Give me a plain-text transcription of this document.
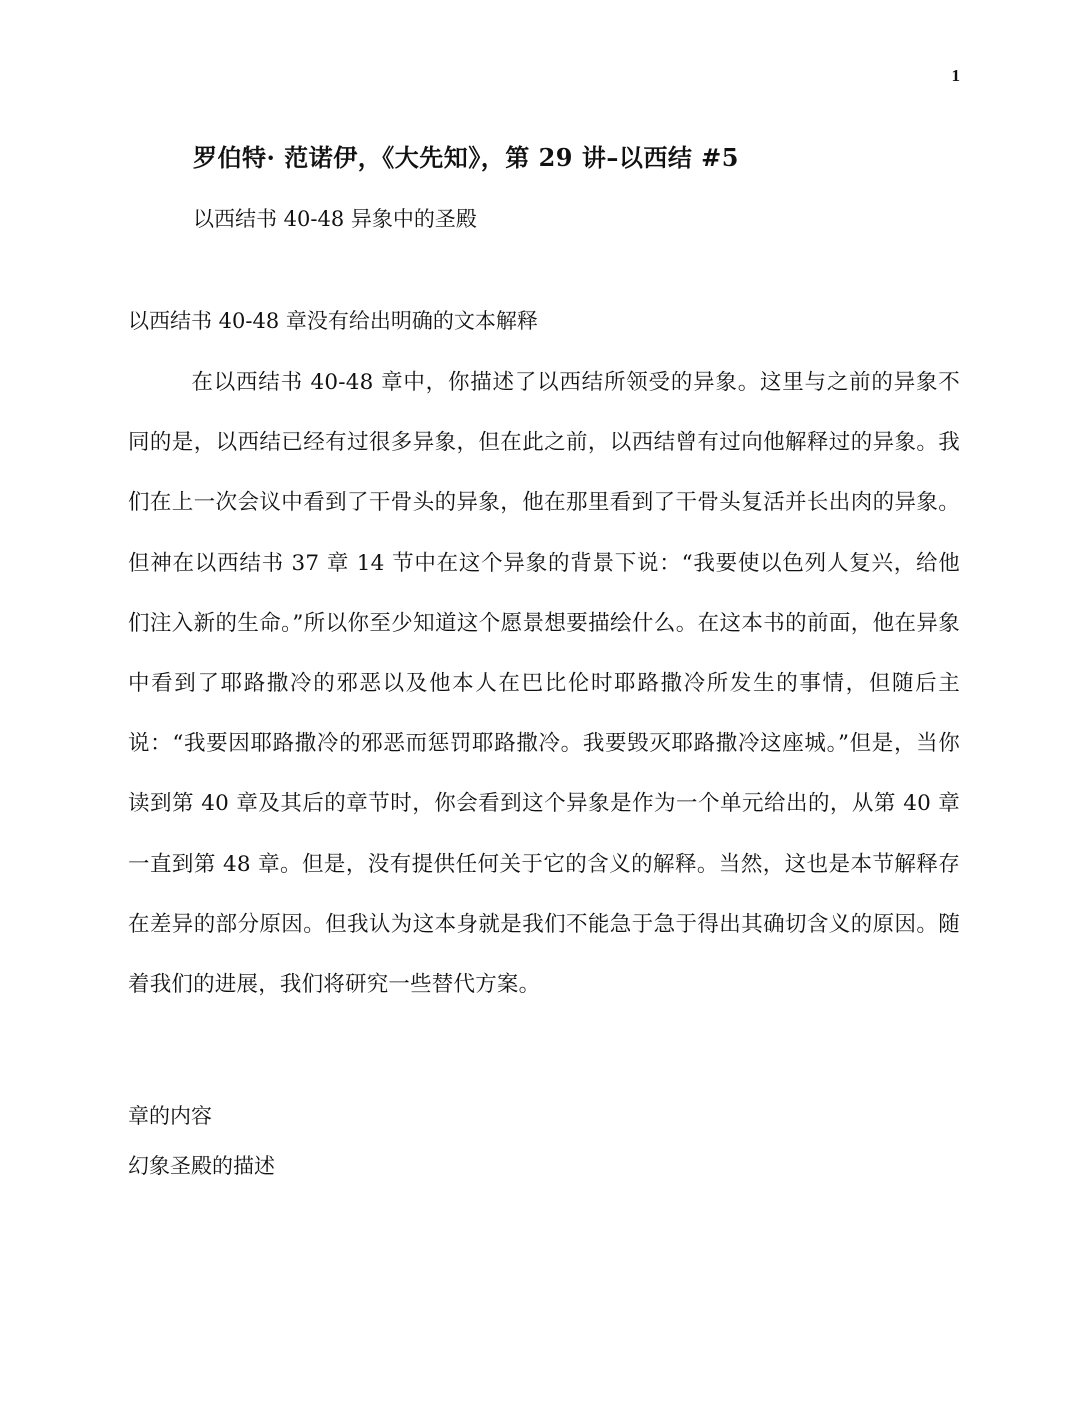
1
罗伯特· 范诺伊，《大先知》，第 29 讲–以西结 #5
以西结书 40-48 异象中的圣殿
以西结书 40-48 章没有给出明确的文本解释

在以西结书 40-48 章中，你描述了以西结所领受的异象。这里与之前的异象不同的是，以西结已经有过很多异象，但在此之前，以西结曾有过向他解释过的异象。我们在上一次会议中看到了干骨头的异象，他在那里看到了干骨头复活并长出肉的异象。但神在以西结书 37 章 14 节中在这个异象的背景下说：“我要使以色列人复兴，给他们注入新的生命。”所以你至少知道这个愿景想要描绘什么。在这本书的前面，他在异象中看到了耶路撒冷的邪恶以及他本人在巴比伦时耶路撒冷所发生的事情，但随后主说：“我要因耶路撒冷的邪恶而惩罚耶路撒冷。我要毁灭耶路撒冷这座城。”但是，当你读到第 40 章及其后的章节时，你会看到这个异象是作为一个单元给出的，从第 40 章一直到第 48 章。但是，没有提供任何关于它的含义的解释。当然，这也是本节解释存在差异的部分原因。但我认为这本身就是我们不能急于急于得出其确切含义的原因。随着我们的进展，我们将研究一些替代方案。

章的内容
幻象圣殿的描述
